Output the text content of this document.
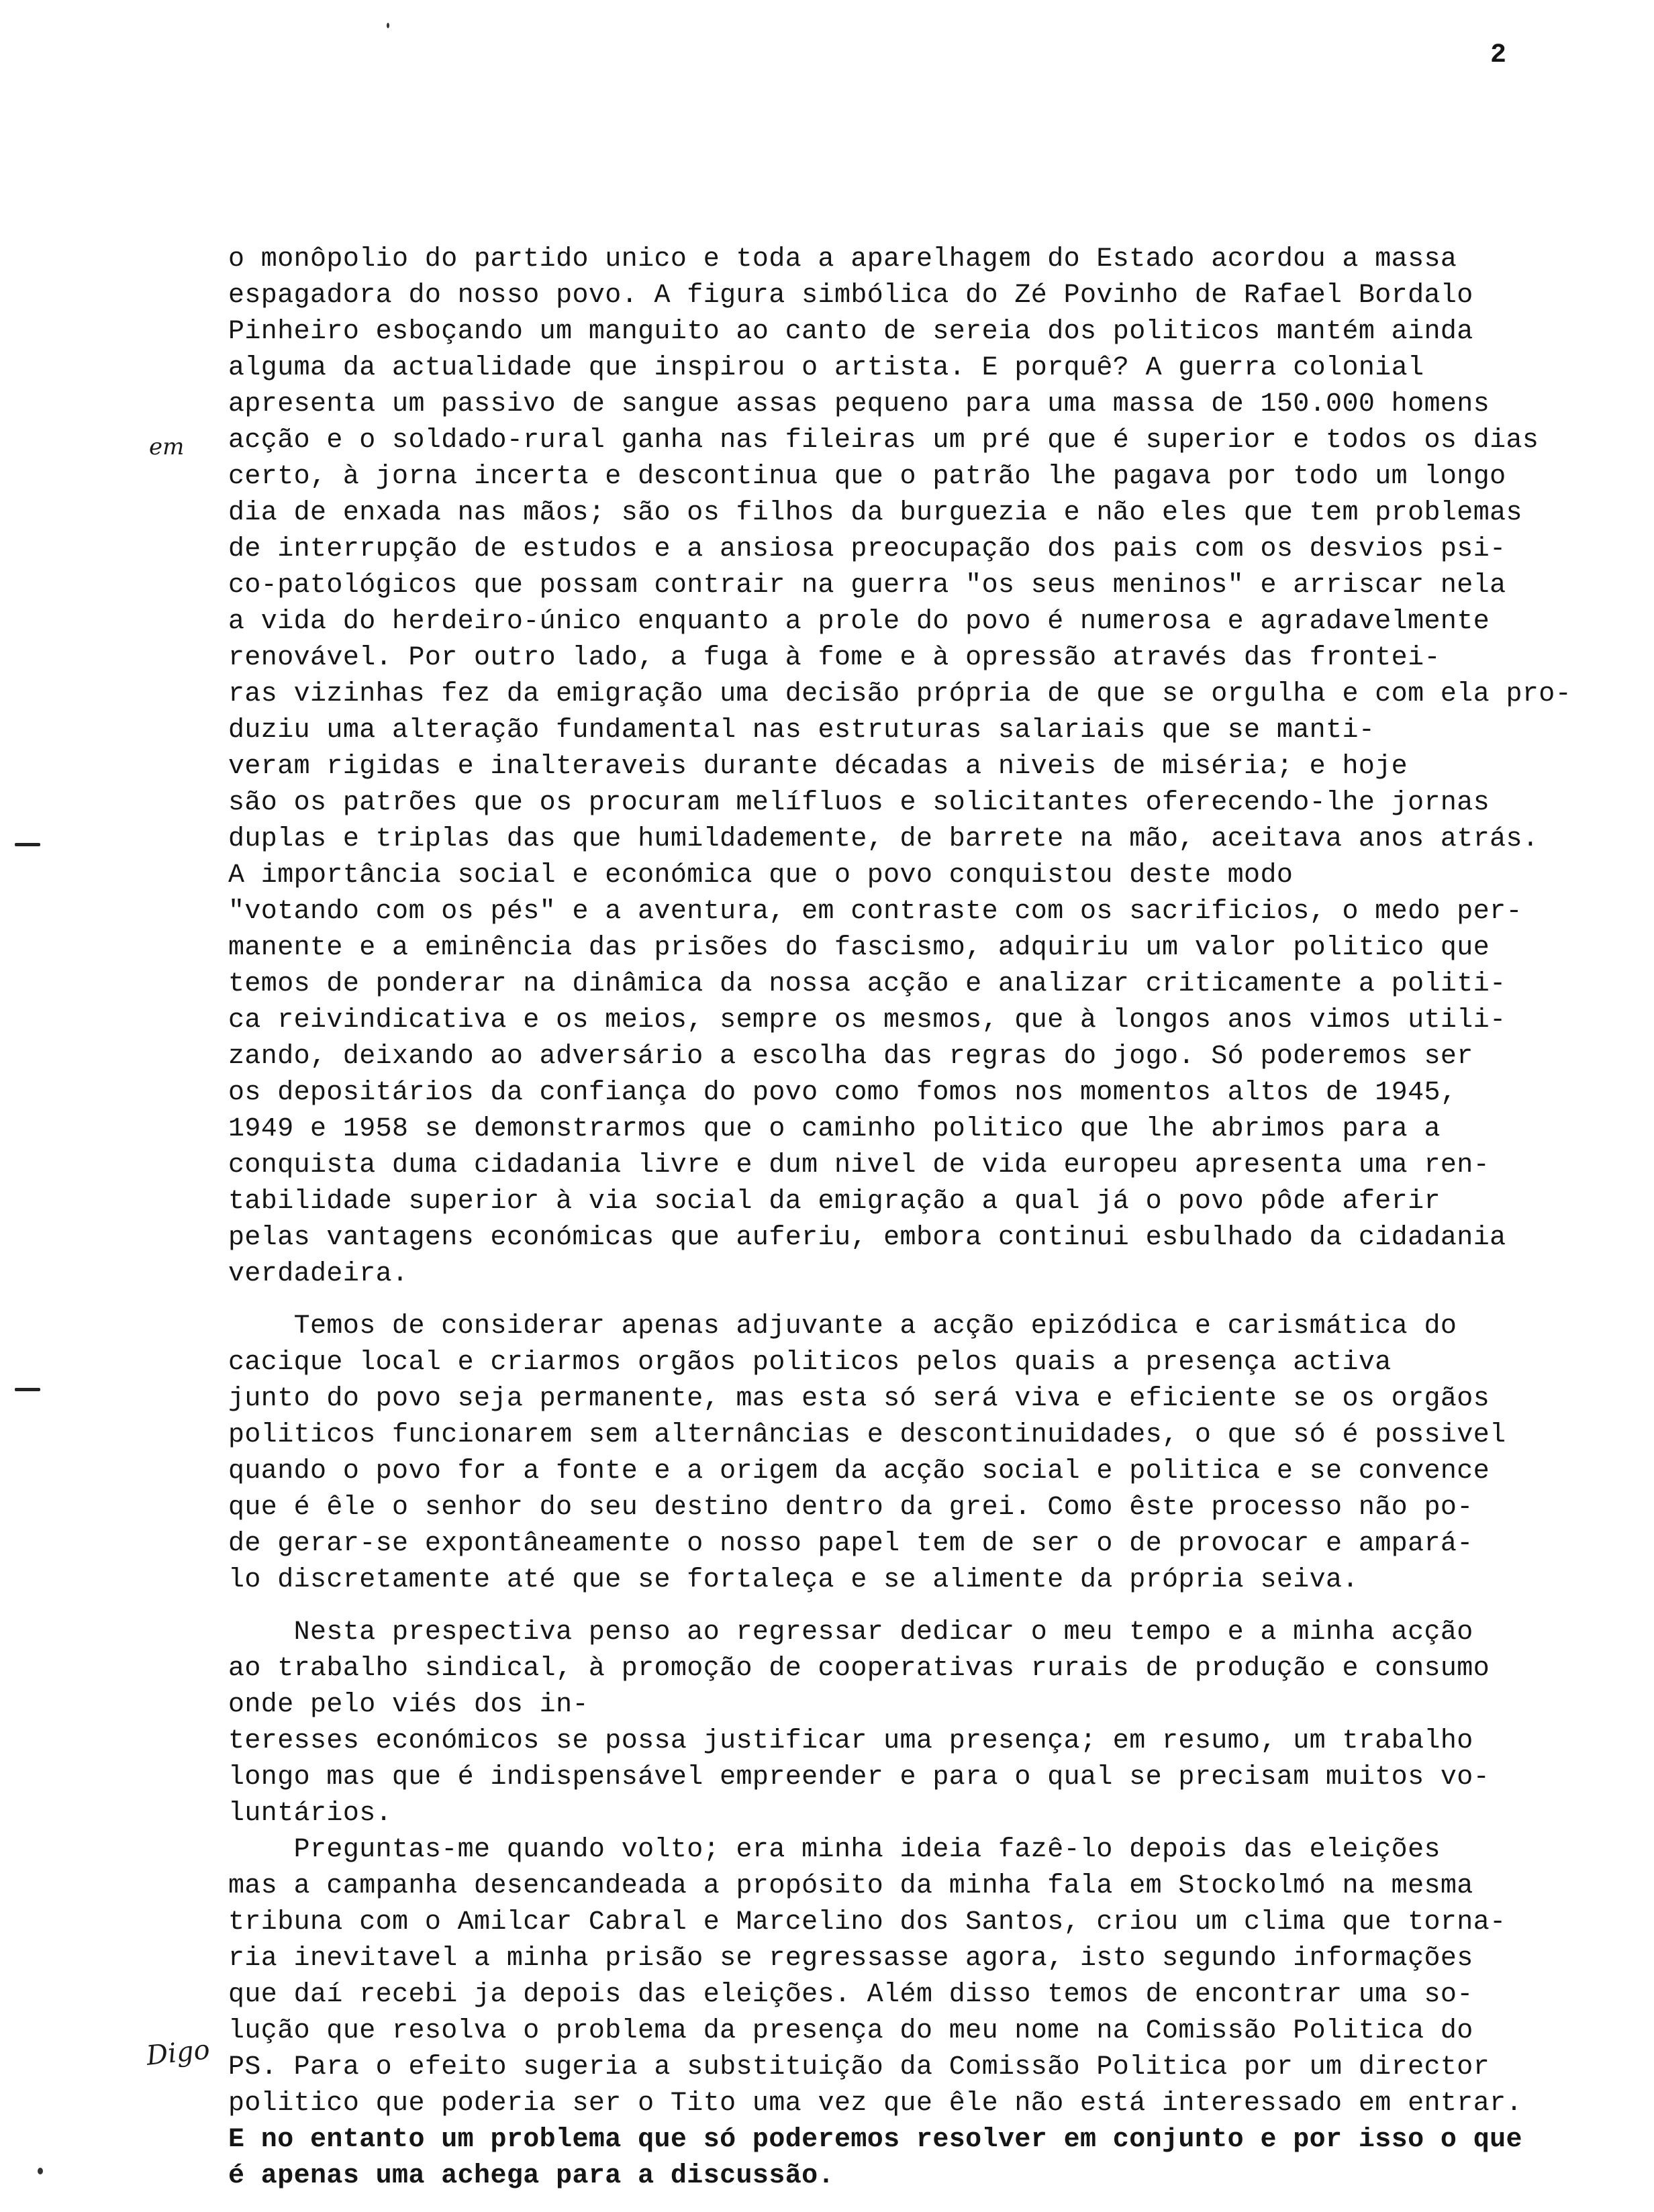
2
em
Digo
o monôpolio do partido unico e toda a aparelhagem do Estado acordou a massa
espagadora do nosso povo. A figura simbólica do Zé Povinho de Rafael Bordalo
Pinheiro esboçando um manguito ao canto de sereia dos politicos mantém ainda
alguma da actualidade que inspirou o artista. E porquê? A guerra colonial
apresenta um passivo de sangue assas pequeno para uma massa de 150.000 homens
acção e o soldado-rural ganha nas fileiras um pré que é superior e todos os dias
certo, à jorna incerta e descontinua que o patrão lhe pagava por todo um longo
dia de enxada nas mãos; são os filhos da burguezia e não eles que tem problemas
de interrupção de estudos e a ansiosa preocupação dos pais com os desvios psi-
co-patológicos que possam contrair na guerra "os seus meninos" e arriscar nela
a vida do herdeiro-único enquanto a prole do povo é numerosa e agradavelmente
renovável. Por outro lado, a fuga à fome e à opressão através das frontei-
ras vizinhas fez da emigração uma decisão própria de que se orgulha e com ela pro-
duziu uma alteração fundamental nas estruturas salariais que se manti-
veram rigidas e inalteraveis durante décadas a niveis de miséria; e hoje
são os patrões que os procuram melífluos e solicitantes oferecendo-lhe jornas
duplas e triplas das que humildademente, de barrete na mão, aceitava anos atrás.
A importância social e económica que o povo conquistou deste modo
"votando com os pés" e a aventura, em contraste com os sacrificios, o medo per-
manente e a eminência das prisões do fascismo, adquiriu um valor politico que
temos de ponderar na dinâmica da nossa acção e analizar criticamente a politi-
ca reivindicativa e os meios, sempre os mesmos, que à longos anos vimos utili-
zando, deixando ao adversário a escolha das regras do jogo. Só poderemos ser
os depositários da confiança do povo como fomos nos momentos altos de 1945,
1949 e 1958 se demonstrarmos que o caminho politico que lhe abrimos para a
conquista duma cidadania livre e dum nivel de vida europeu apresenta uma ren-
tabilidade superior à via social da emigração a qual já o povo pôde aferir
pelas vantagens económicas que auferiu, embora continui esbulhado da cidadania
verdadeira.
Temos de considerar apenas adjuvante a acção epizódica e carismática do
cacique local e criarmos orgãos politicos pelos quais a presença activa
junto do povo seja permanente, mas esta só será viva e eficiente se os orgãos
politicos funcionarem sem alternâncias e descontinuidades, o que só é possivel
quando o povo for a fonte e a origem da acção social e politica e se convence
que é êle o senhor do seu destino dentro da grei. Como êste processo não po-
de gerar-se expontâneamente o nosso papel tem de ser o de provocar e ampará-
lo discretamente até que se fortaleça e se alimente da própria seiva.
Nesta prespectiva penso ao regressar dedicar o meu tempo e a minha acção
ao trabalho sindical, à promoção de cooperativas rurais de produção e consumo
onde pelo viés dos in-
teresses económicos se possa justificar uma presença; em resumo, um trabalho
longo mas que é indispensável empreender e para o qual se precisam muitos vo-
luntários.
Preguntas-me quando volto; era minha ideia fazê-lo depois das eleições
mas a campanha desencandeada a propósito da minha fala em Stockolmó na mesma
tribuna com o Amilcar Cabral e Marcelino dos Santos, criou um clima que torna-
ria inevitavel a minha prisão se regressasse agora, isto segundo informações
que daí recebi ja depois das eleições. Além disso temos de encontrar uma so-
lução que resolva o problema da presença do meu nome na Comissão Politica do
PS. Para o efeito sugeria a substituição da Comissão Politica por um director
politico que poderia ser o Tito uma vez que êle não está interessado em entrar.
E no entanto um problema que só poderemos resolver em conjunto e por isso o que
é apenas uma achega para a discussão.
